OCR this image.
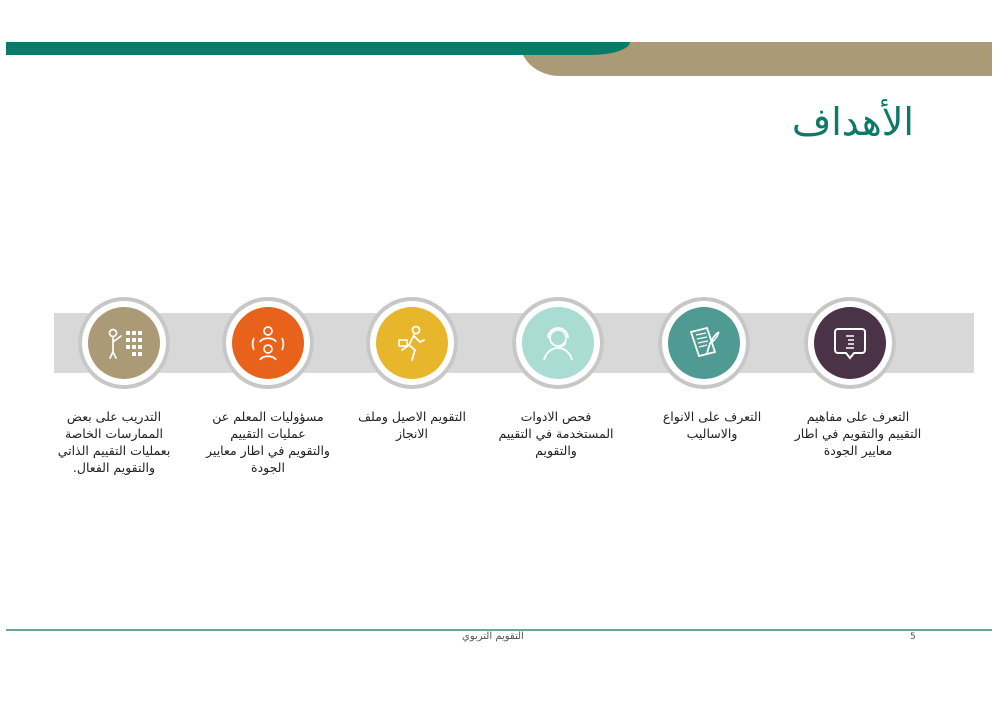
الأهداف
التعرف على مفاهيم
التقييم والتقويم في اطار
معايير الجودة
التعرف على الانواع
والاساليب
فحص الادوات
المستخدمة في التقييم
والتقويم
التقويم الاصيل وملف
الانجاز
مسؤوليات المعلم عن
عمليات التقييم
والتقويم في اطار معايير
الجودة
التدريب على بعض
الممارسات الخاصة
بعمليات التقييم الذاتي
والتقويم الفعال.
التقويم التربوي	5
